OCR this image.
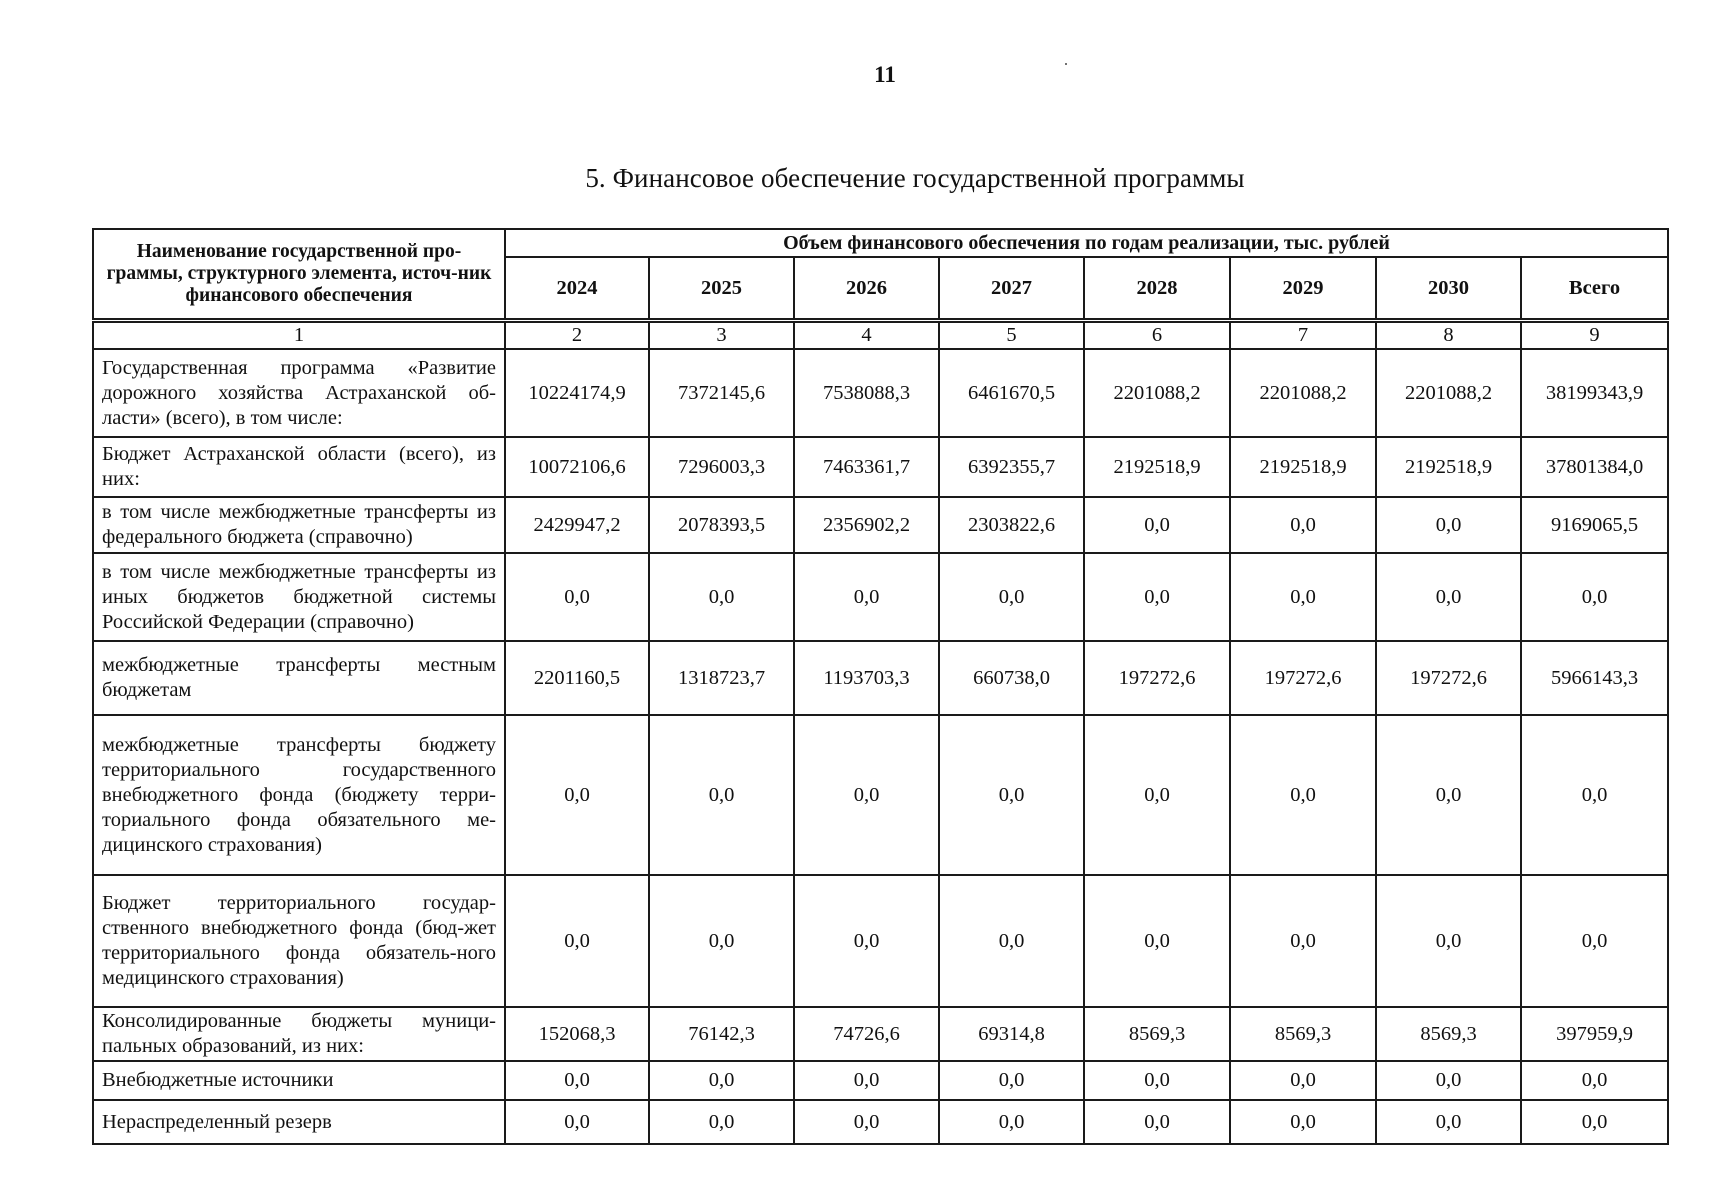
11
5. Финансовое обеспечение государственной программы
Наименование государственной про-граммы, структурного элемента, источ-ник финансового обеспечения	Объем финансового обеспечения по годам реализации, тыс. рублей							
	2024	2025	2026	2027	2028	2029	2030	Всего
1	2	3	4	5	6	7	8	9
Государственная программа «Развитие дорожного хозяйства Астраханской об-ласти» (всего), в том числе:	10224174,9	7372145,6	7538088,3	6461670,5	2201088,2	2201088,2	2201088,2	38199343,9
Бюджет Астраханской области (всего), из них:	10072106,6	7296003,3	7463361,7	6392355,7	2192518,9	2192518,9	2192518,9	37801384,0
в том числе межбюджетные трансферты из федерального бюджета (справочно)	2429947,2	2078393,5	2356902,2	2303822,6	0,0	0,0	0,0	9169065,5
в том числе межбюджетные трансферты из иных бюджетов бюджетной системы Российской Федерации (справочно)	0,0	0,0	0,0	0,0	0,0	0,0	0,0	0,0
межбюджетные трансферты местным бюджетам	2201160,5	1318723,7	1193703,3	660738,0	197272,6	197272,6	197272,6	5966143,3
межбюджетные трансферты бюджету территориального государственного внебюджетного фонда (бюджету терри-ториального фонда обязательного ме-дицинского страхования)	0,0	0,0	0,0	0,0	0,0	0,0	0,0	0,0
Бюджет территориального государ-ственного внебюджетного фонда (бюд-жет территориального фонда обязатель-ного медицинского страхования)	0,0	0,0	0,0	0,0	0,0	0,0	0,0	0,0
Консолидированные бюджеты муници-пальных образований, из них:	152068,3	76142,3	74726,6	69314,8	8569,3	8569,3	8569,3	397959,9
Внебюджетные источники	0,0	0,0	0,0	0,0	0,0	0,0	0,0	0,0
Нераспределенный резерв	0,0	0,0	0,0	0,0	0,0	0,0	0,0	0,0
